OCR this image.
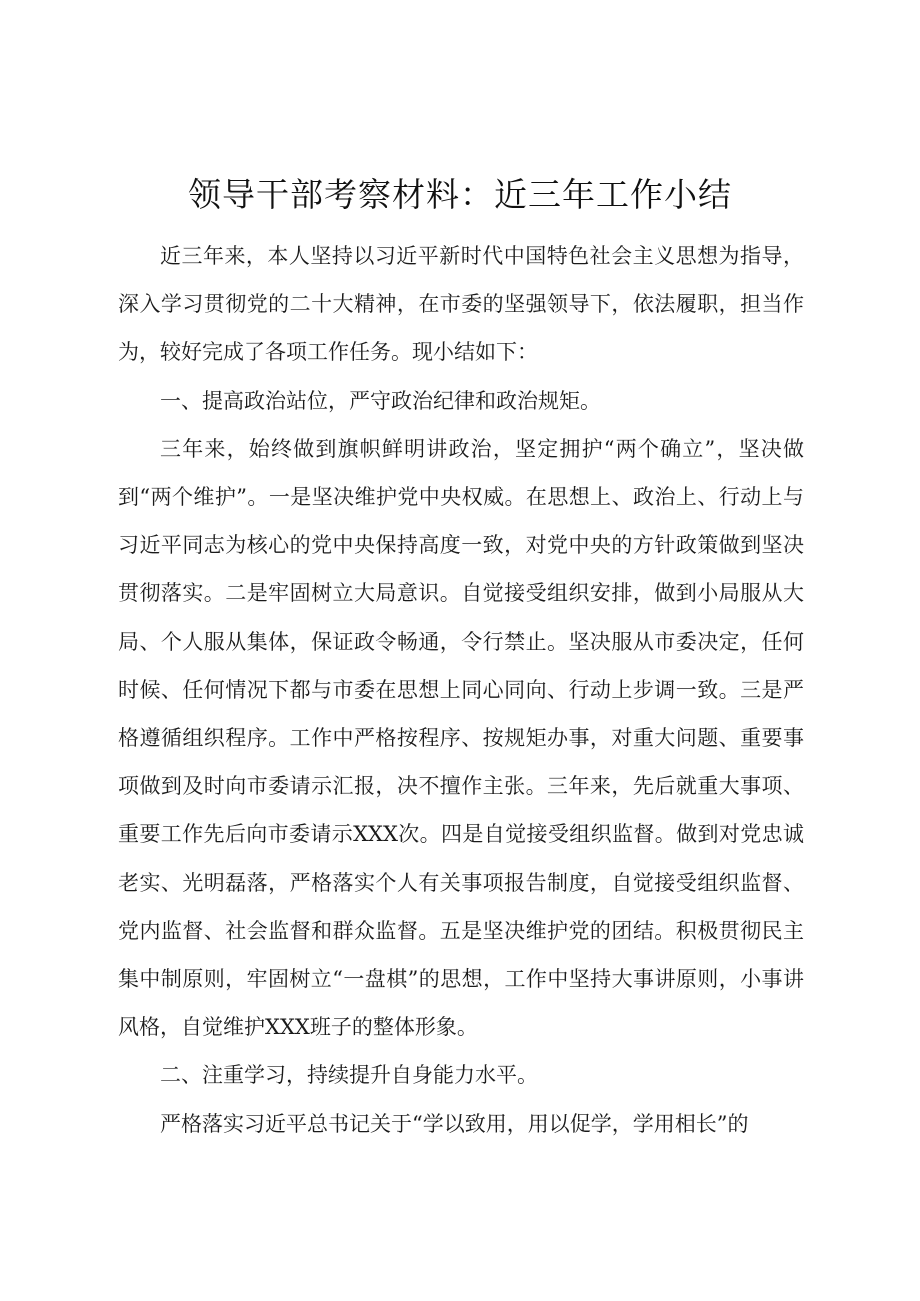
领导干部考察材料：近三年工作小结

近三年来，本人坚持以习近平新时代中国特色社会主义思想为指导，深入学习贯彻党的二十大精神，在市委的坚强领导下，依法履职，担当作为，较好完成了各项工作任务。现小结如下：

一、提高政治站位，严守政治纪律和政治规矩。

三年来，始终做到旗帜鲜明讲政治，坚定拥护“两个确立”，坚决做到“两个维护”。一是坚决维护党中央权威。在思想上、政治上、行动上与习近平同志为核心的党中央保持高度一致，对党中央的方针政策做到坚决贯彻落实。二是牢固树立大局意识。自觉接受组织安排，做到小局服从大局、个人服从集体，保证政令畅通，令行禁止。坚决服从市委决定，任何时候、任何情况下都与市委在思想上同心同向、行动上步调一致。三是严格遵循组织程序。工作中严格按程序、按规矩办事，对重大问题、重要事项做到及时向市委请示汇报，决不擅作主张。三年来，先后就重大事项、重要工作先后向市委请示XXX次。四是自觉接受组织监督。做到对党忠诚老实、光明磊落，严格落实个人有关事项报告制度，自觉接受组织监督、党内监督、社会监督和群众监督。五是坚决维护党的团结。积极贯彻民主集中制原则，牢固树立“一盘棋”的思想，工作中坚持大事讲原则，小事讲风格，自觉维护XXX班子的整体形象。

二、注重学习，持续提升自身能力水平。

严格落实习近平总书记关于“学以致用，用以促学，学用相长”的
